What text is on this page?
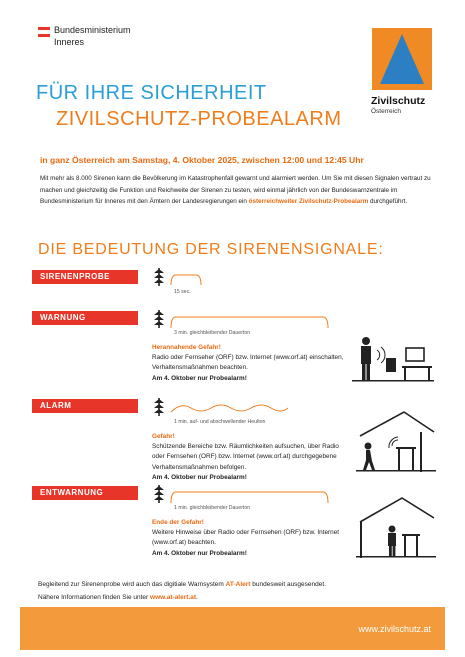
Bundesministerium
Inneres
Zivilschutz
Österreich
FÜR IHRE SICHERHEIT
ZIVILSCHUTZ-PROBEALARM
in ganz Österreich am Samstag, 4. Oktober 2025, zwischen 12:00 und 12:45 Uhr
Mit mehr als 8.000 Sirenen kann die Bevölkerung im Katastrophenfall gewarnt und alarmiert werden. Um Sie mit diesen Signalen vertraut zu machen und gleichzeitig die Funktion und Reichweite der Sirenen zu testen, wird einmal jährlich von der Bundeswarnzentrale im Bundesministerium für Inneres mit den Ämtern der Landesregierungen ein österreichweiter Zivilschutz-Probealarm durchgeführt.
DIE BEDEUTUNG DER SIRENENSIGNALE:
SIRENENPROBE
15 sec.
WARNUNG
3 min. gleichbleibender Dauerton
Herannahende Gefahr!
Radio oder Fernseher (ORF) bzw. Internet (www.orf.at) einschalten, Verhaltensmaßnahmen beachten.
Am 4. Oktober nur Probealarm!
ALARM
1 min. auf- und abschwellender Heulton
Gefahr!
Schützende Bereiche bzw. Räumlichkeiten aufsuchen, über Radio oder Fernsehen (ORF) bzw. Internet (www.orf.at) durchgegebene Verhaltensmaßnahmen befolgen.
Am 4. Oktober nur Probealarm!
ENTWARNUNG
1 min. gleichbleibender Dauerton
Ende der Gefahr!
Weitere Hinweise über Radio oder Fernsehen (ORF) bzw. Internet (www.orf.at) beachten.
Am 4. Oktober nur Probealarm!
Begleitend zur Sirenenprobe wird auch das digitiale Warnsystem AT-Alert bundesweit ausgesendet.
Nähere Informationen finden Sie unter www.at-alert.at.
www.zivilschutz.at
